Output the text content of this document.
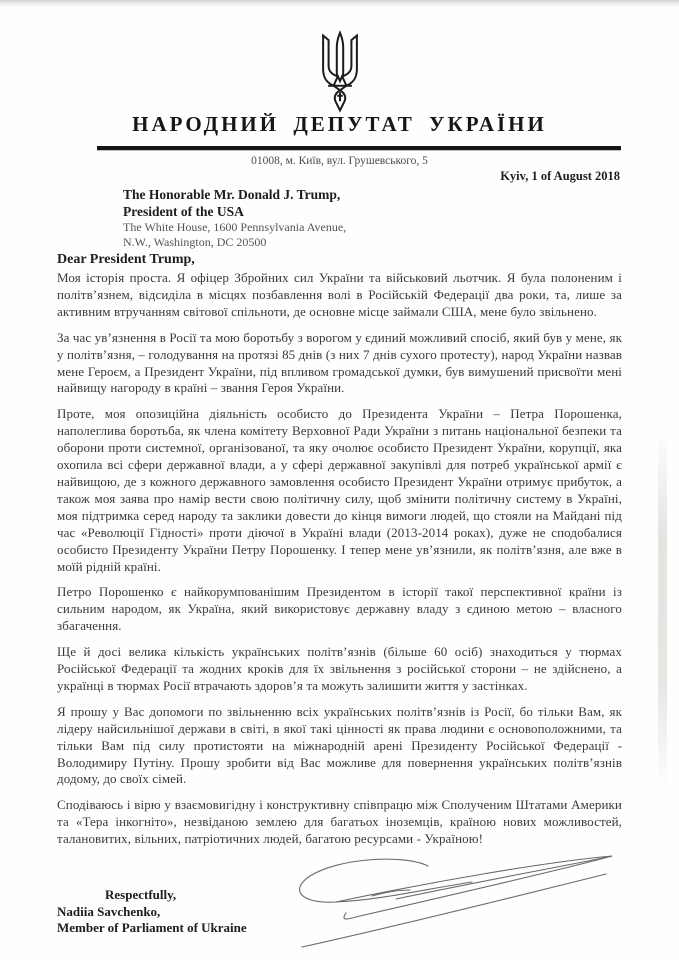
НАРОДНИЙ ДЕПУТАТ УКРАЇНИ
01008, м. Київ, вул. Грушевського, 5
Kyiv, 1 of August 2018
The Honorable Mr. Donald J. Trump,
President of the USA
The White House, 1600 Pennsylvania Avenue,
N.W., Washington, DC 20500
Dear President Trump,

Моя історія проста. Я офіцер Збройних сил України та військовий льотчик. Я була полоненим і політв’язнем, відсиділа в місцях позбавлення волі в Російській Федерації два роки, та, лише за активним втручанням світової спільноти, де основне місце займали США, мене було звільнено.

За час ув’язнення в Росії та мою боротьбу з ворогом у єдиний можливий спосіб, який був у мене, як у політв’язня, – голодування на протязі 85 днів (з них 7 днів сухого протесту), народ України назвав мене Героєм, а Президент України, під впливом громадської думки, був вимушений присвоїти мені найвищу нагороду в країні – звання Героя України.

Проте, моя опозиційна діяльність особисто до Президента України – Петра Порошенка, наполеглива боротьба, як члена комітету Верховної Ради України з питань національної безпеки та оборони проти системної, організованої, та яку очолює особисто Президент України, корупції, яка охопила всі сфери державної влади, а у сфері державної закупівлі для потреб української армії є найвищою, де з кожного державного замовлення особисто Президент України отримує прибуток, а також моя заява про намір вести свою політичну силу, щоб змінити політичну систему в Україні, моя підтримка серед народу та заклики довести до кінця вимоги людей, що стояли на Майдані під час «Революції Гідності» проти діючої в Україні влади (2013-2014 роках), дуже не сподобалися особисто Президенту України Петру Порошенку. І тепер мене ув’язнили, як політв’язня, але вже в моїй рідній країні.

Петро Порошенко є найкорумпованішим Президентом в історії такої перспективної країни із сильним народом, як Україна, який використовує державну владу з єдиною метою – власного збагачення.

Ще й досі велика кількість українських політв’язнів (більше 60 осіб) знаходиться у тюрмах Російської Федерації та жодних кроків для їх звільнення з російської сторони – не здійснено, а українці в тюрмах Росії втрачають здоров’я та можуть залишити життя у застінках.

Я прошу у Вас допомоги по звільненню всіх українських політв’язнів із Росії, бо тільки Вам, як лідеру найсильнішої держави в світі, в якої такі цінності як права людини є основоположними, та тільки Вам під силу протистояти на міжнародній арені Президенту Російської Федерації - Володимиру Путіну. Прошу зробити від Вас можливе для повернення українських політв’язнів додому, до своїх сімей.

Сподіваюсь і вірю у взаємовигідну і конструктивну співпрацю між Сполученим Штатами Америки та «Тера інкогніто», незвіданою землею для багатьох іноземців, країною нових можливостей, талановитих, вільних, патріотичних людей, багатою ресурсами - Україною!

Respectfully,
Nadiia Savchenko,
Member of Parliament of Ukraine
